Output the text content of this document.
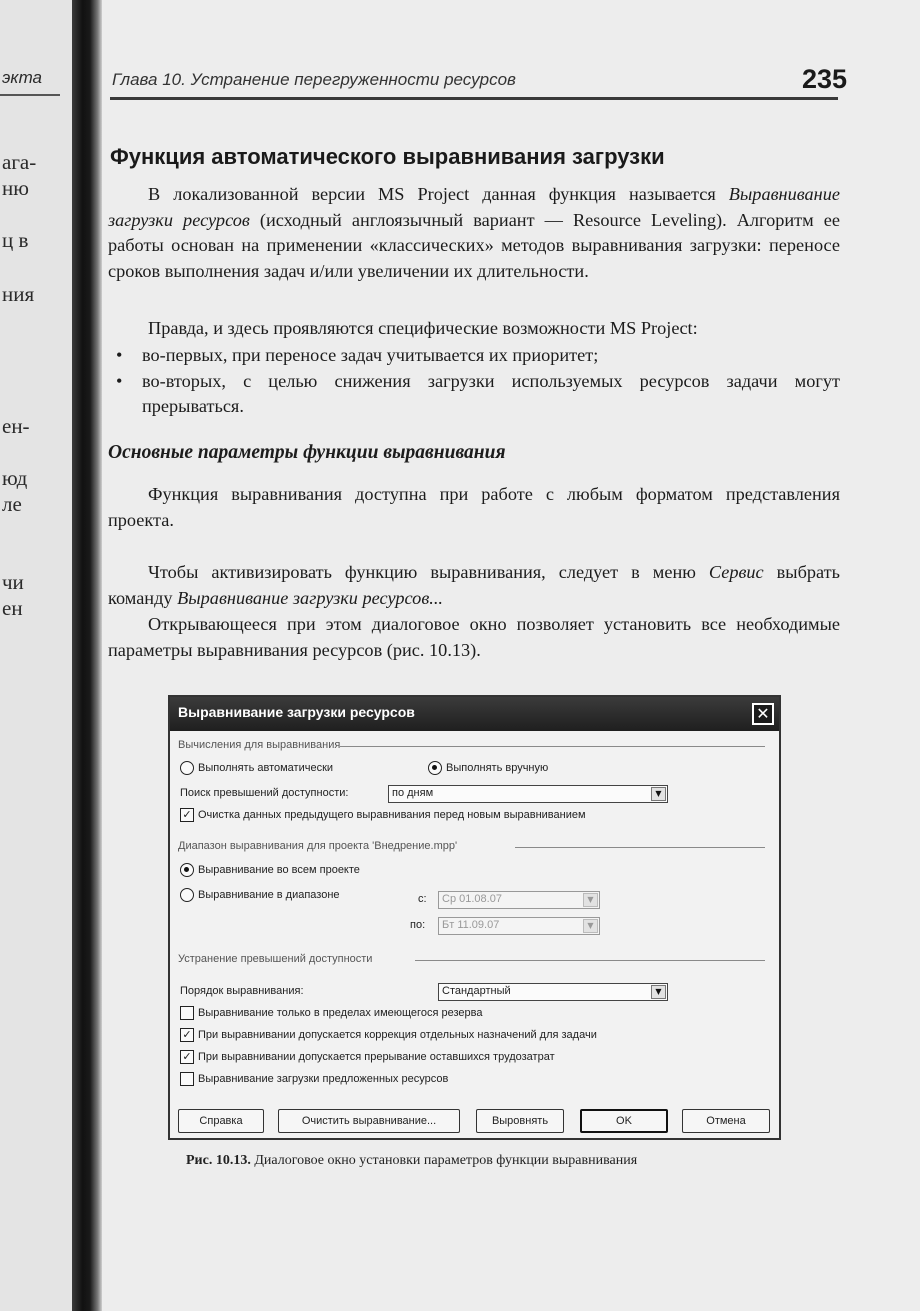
экта
ага-
ню
ц в
ния
ен-
юд
ле
чи
ен
Глава 10. Устранение перегруженности ресурсов	235
Функция автоматического выравнивания загрузки

В локализованной версии MS Project данная функция называется Выравнивание загрузки ресурсов (исходный англоязычный вариант — Resource Leveling). Алгоритм ее работы основан на применении «классических» методов выравнивания загрузки: переносе сроков выполнения задач и/или увеличении их длительности.

Правда, и здесь проявляются специфические возможности MS Project:

• во-первых, при переносе задач учитывается их приоритет;
• во-вторых, с целью снижения загрузки используемых ресурсов задачи могут прерываться.
Основные параметры функции выравнивания

Функция выравнивания доступна при работе с любым форматом представления проекта.

Чтобы активизировать функцию выравнивания, следует в меню Сервис выбрать команду Выравнивание загрузки ресурсов...

Открывающееся при этом диалоговое окно позволяет установить все необходимые параметры выравнивания ресурсов (рис. 10.13).

Выравнивание загрузки ресурсов	✕
Вычисления для выравнивания
Выполнять автоматически	Выполнять вручную
Поиск превышений доступности:	по дням	▼
✓ Очистка данных предыдущего выравнивания перед новым выравниванием
Диапазон выравнивания для проекта 'Внедрение.mpp'
Выравнивание во всем проекте
Выравнивание в диапазоне	с: Ср 01.08.07	▼
по: Бт 11.09.07	▼
Устранение превышений доступности
Порядок выравнивания:	Стандартный	▼
Выравнивание только в пределах имеющегося резерва
✓ При выравнивании допускается коррекция отдельных назначений для задачи
✓ При выравнивании допускается прерывание оставшихся трудозатрат
Выравнивание загрузки предложенных ресурсов
Справка	Очистить выравнивание...	Выровнять	OK	Отмена
Рис. 10.13. Диалоговое окно установки параметров функции выравнивания
